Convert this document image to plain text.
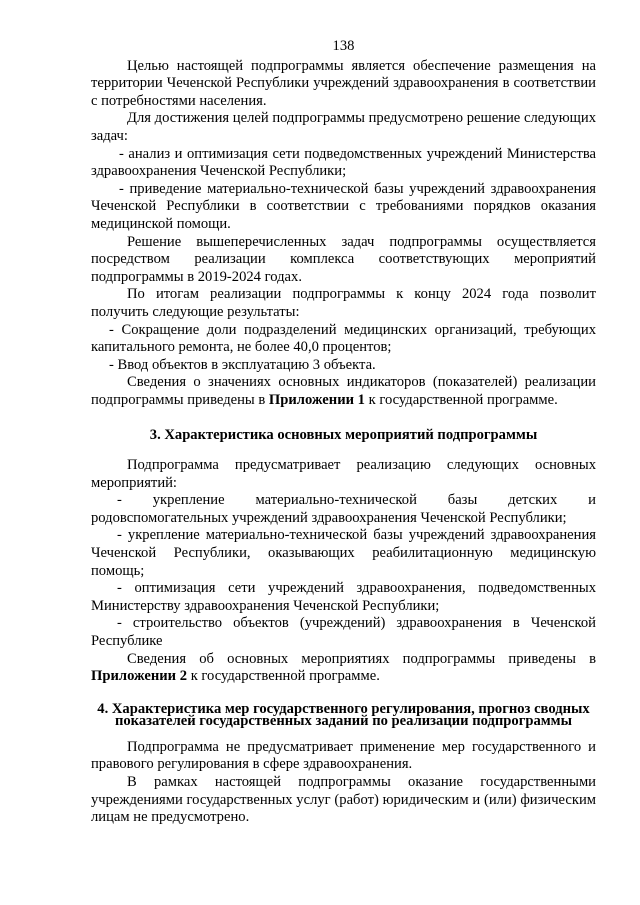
138

Целью настоящей подпрограммы является обеспечение размещения на территории Чеченской Республики учреждений здравоохранения в соответствии с потребностями населения.

Для достижения целей подпрограммы предусмотрено решение следующих задач:

- анализ и оптимизация сети подведомственных учреждений Министерства здравоохранения Чеченской Республики;

- приведение материально-технической базы учреждений здравоохранения Чеченской Республики в соответствии с требованиями порядков оказания медицинской помощи.

Решение вышеперечисленных задач подпрограммы осуществляется посредством реализации комплекса соответствующих мероприятий подпрограммы в 2019-2024 годах.

По итогам реализации подпрограммы к концу 2024 года позволит получить следующие результаты:

- Сокращение доли подразделений медицинских организаций, требующих капитального ремонта, не более 40,0 процентов;

- Ввод объектов в эксплуатацию 3 объекта.

Сведения о значениях основных индикаторов (показателей) реализации подпрограммы приведены в Приложении 1 к государственной программе.

3. Характеристика основных мероприятий подпрограммы

Подпрограмма предусматривает реализацию следующих основных мероприятий:

- укрепление материально-технической базы детских и родовспомогательных учреждений здравоохранения Чеченской Республики;

- укрепление материально-технической базы учреждений здравоохранения Чеченской Республики, оказывающих реабилитационную медицинскую помощь;

- оптимизация сети учреждений здравоохранения, подведомственных Министерству здравоохранения Чеченской Республики;

- строительство объектов (учреждений) здравоохранения в Чеченской Республике

Сведения об основных мероприятиях подпрограммы приведены в Приложении 2 к государственной программе.

4. Характеристика мер государственного регулирования, прогноз сводных показателей государственных заданий по реализации подпрограммы

Подпрограмма не предусматривает применение мер государственного и правового регулирования в сфере здравоохранения.

В рамках настоящей подпрограммы оказание государственными учреждениями государственных услуг (работ) юридическим и (или) физическим лицам не предусмотрено.
